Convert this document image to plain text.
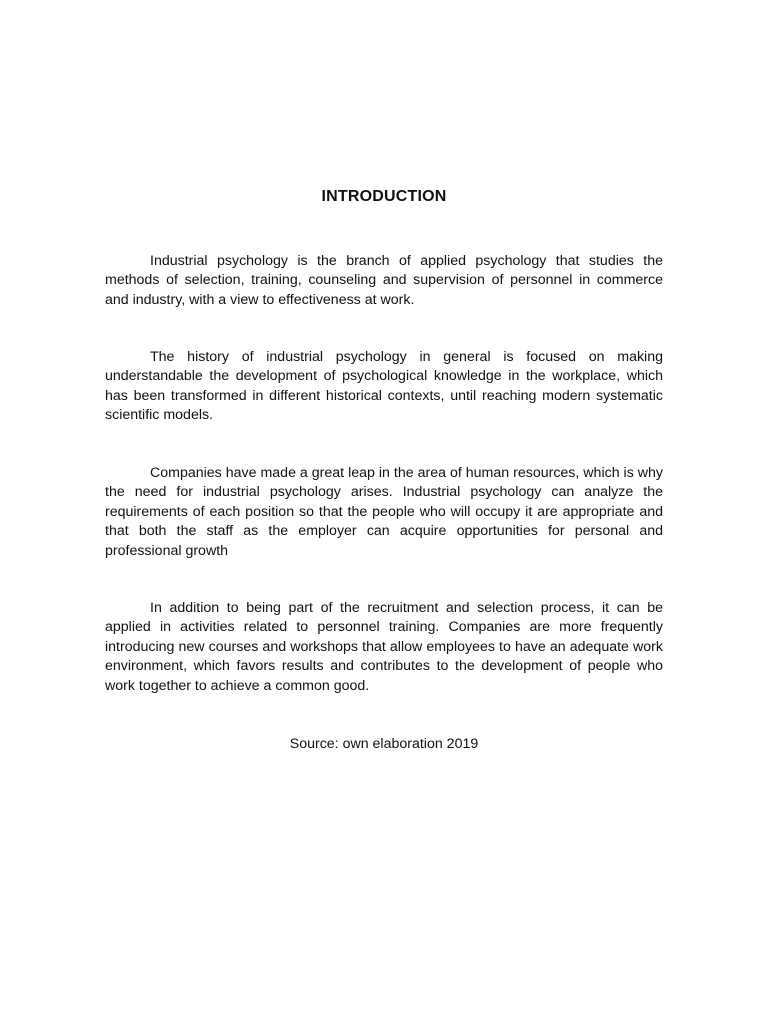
INTRODUCTION

Industrial psychology is the branch of applied psychology that studies the methods of selection, training, counseling and supervision of personnel in commerce and industry, with a view to effectiveness at work.

The history of industrial psychology in general is focused on making understandable the development of psychological knowledge in the workplace, which has been transformed in different historical contexts, until reaching modern systematic scientific models.

Companies have made a great leap in the area of human resources, which is why the need for industrial psychology arises. Industrial psychology can analyze the requirements of each position so that the people who will occupy it are appropriate and that both the staff as the employer can acquire opportunities for personal and professional growth

In addition to being part of the recruitment and selection process, it can be applied in activities related to personnel training. Companies are more frequently introducing new courses and workshops that allow employees to have an adequate work environment, which favors results and contributes to the development of people who work together to achieve a common good.

Source: own elaboration 2019
